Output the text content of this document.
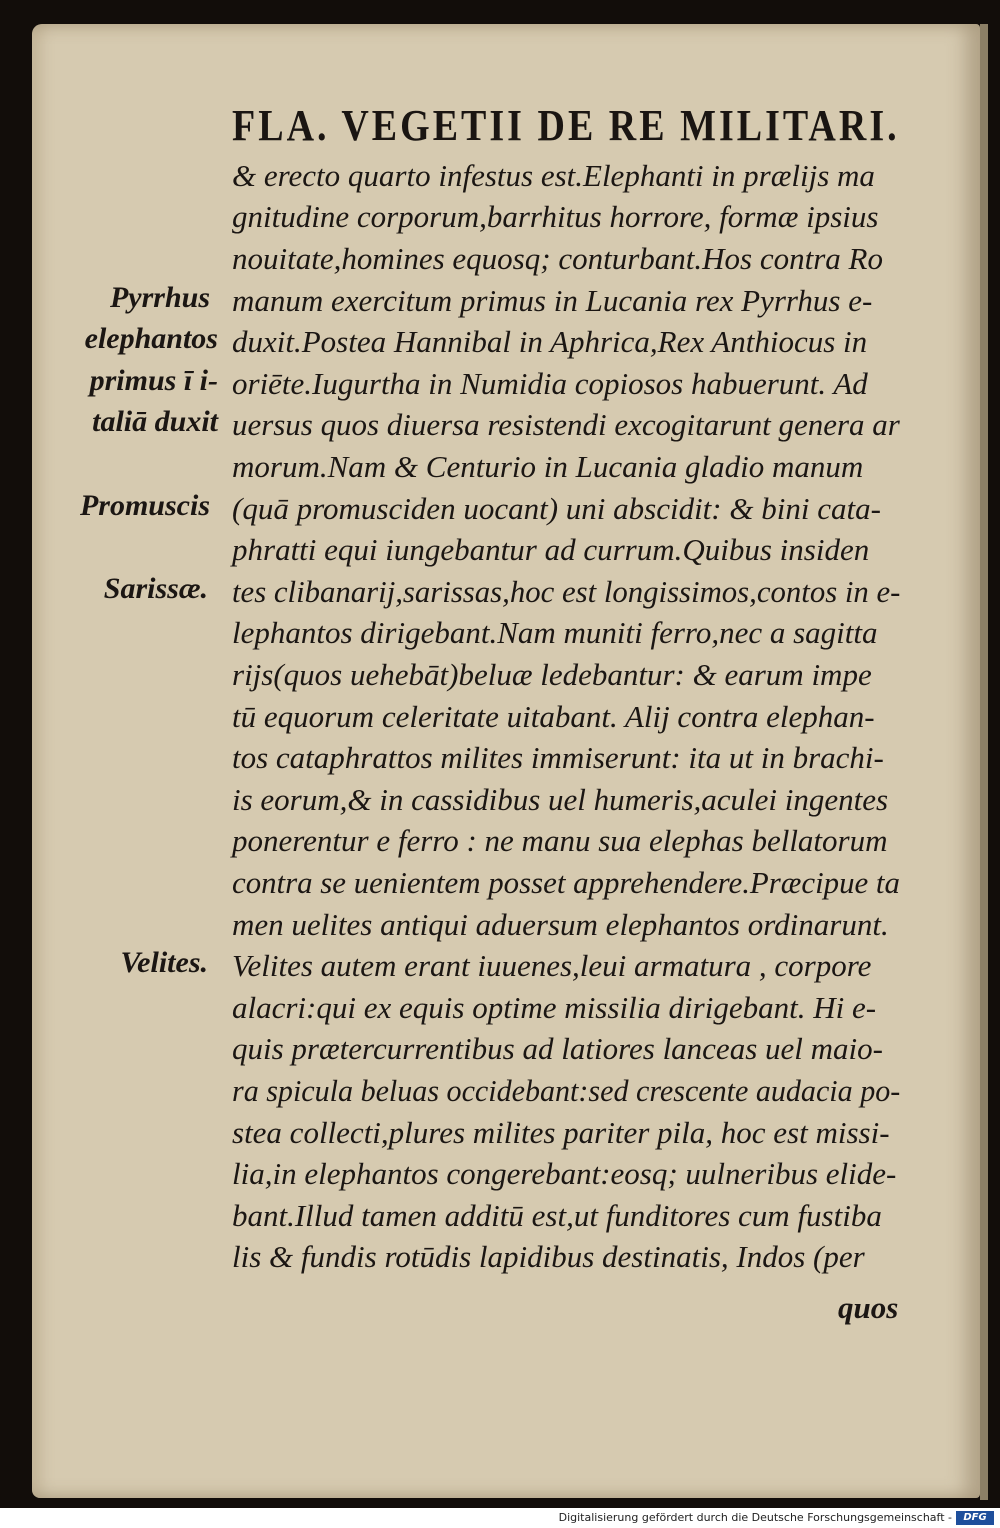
FLA. VEGETII DE RE MILITARI.
& erecto quarto infestus est.Elephanti in prælijs ma
gnitudine corporum,barrhitus horrore, formæ ipsius
nouitate,homines equosq; conturbant.Hos contra Ro
manum exercitum primus in Lucania rex Pyrrhus e-
duxit.Postea Hannibal in Aphrica,Rex Anthiocus in
oriēte.Iugurtha in Numidia copiosos habuerunt. Ad
uersus quos diuersa resistendi excogitarunt genera ar
morum.Nam & Centurio in Lucania gladio manum
(quā promusciden uocant) uni abscidit: & bini cata-
phratti equi iungebantur ad currum.Quibus insiden
tes clibanarij,sarissas,hoc est longissimos,contos in e-
lephantos dirigebant.Nam muniti ferro,nec a sagitta
rijs(quos uehebāt)beluæ ledebantur: & earum impe
tū equorum celeritate uitabant. Alij contra elephan-
tos cataphrattos milites immiserunt: ita ut in brachi-
is eorum,& in cassidibus uel humeris,aculei ingentes
ponerentur e ferro : ne manu sua elephas bellatorum
contra se uenientem posset apprehendere.Præcipue ta
men uelites antiqui aduersum elephantos ordinarunt.
Velites autem erant iuuenes,leui armatura , corpore
alacri:qui ex equis optime missilia dirigebant. Hi e-
quis prætercurrentibus ad latiores lanceas uel maio-
ra spicula beluas occidebant:sed crescente audacia po-
stea collecti,plures milites pariter pila, hoc est missi-
lia,in elephantos congerebant:eosq; uulneribus elide-
bant.Illud tamen additū est,ut funditores cum fustiba
lis & fundis rotūdis lapidibus destinatis, Indos (per
Pyrrhus
elephantos
primus ī i-
taliā duxit
Promuscis
Sarissæ.
Velites.
quos
Digitalisierung gefördert durch die Deutsche Forschungsgemeinschaft -	DFG
